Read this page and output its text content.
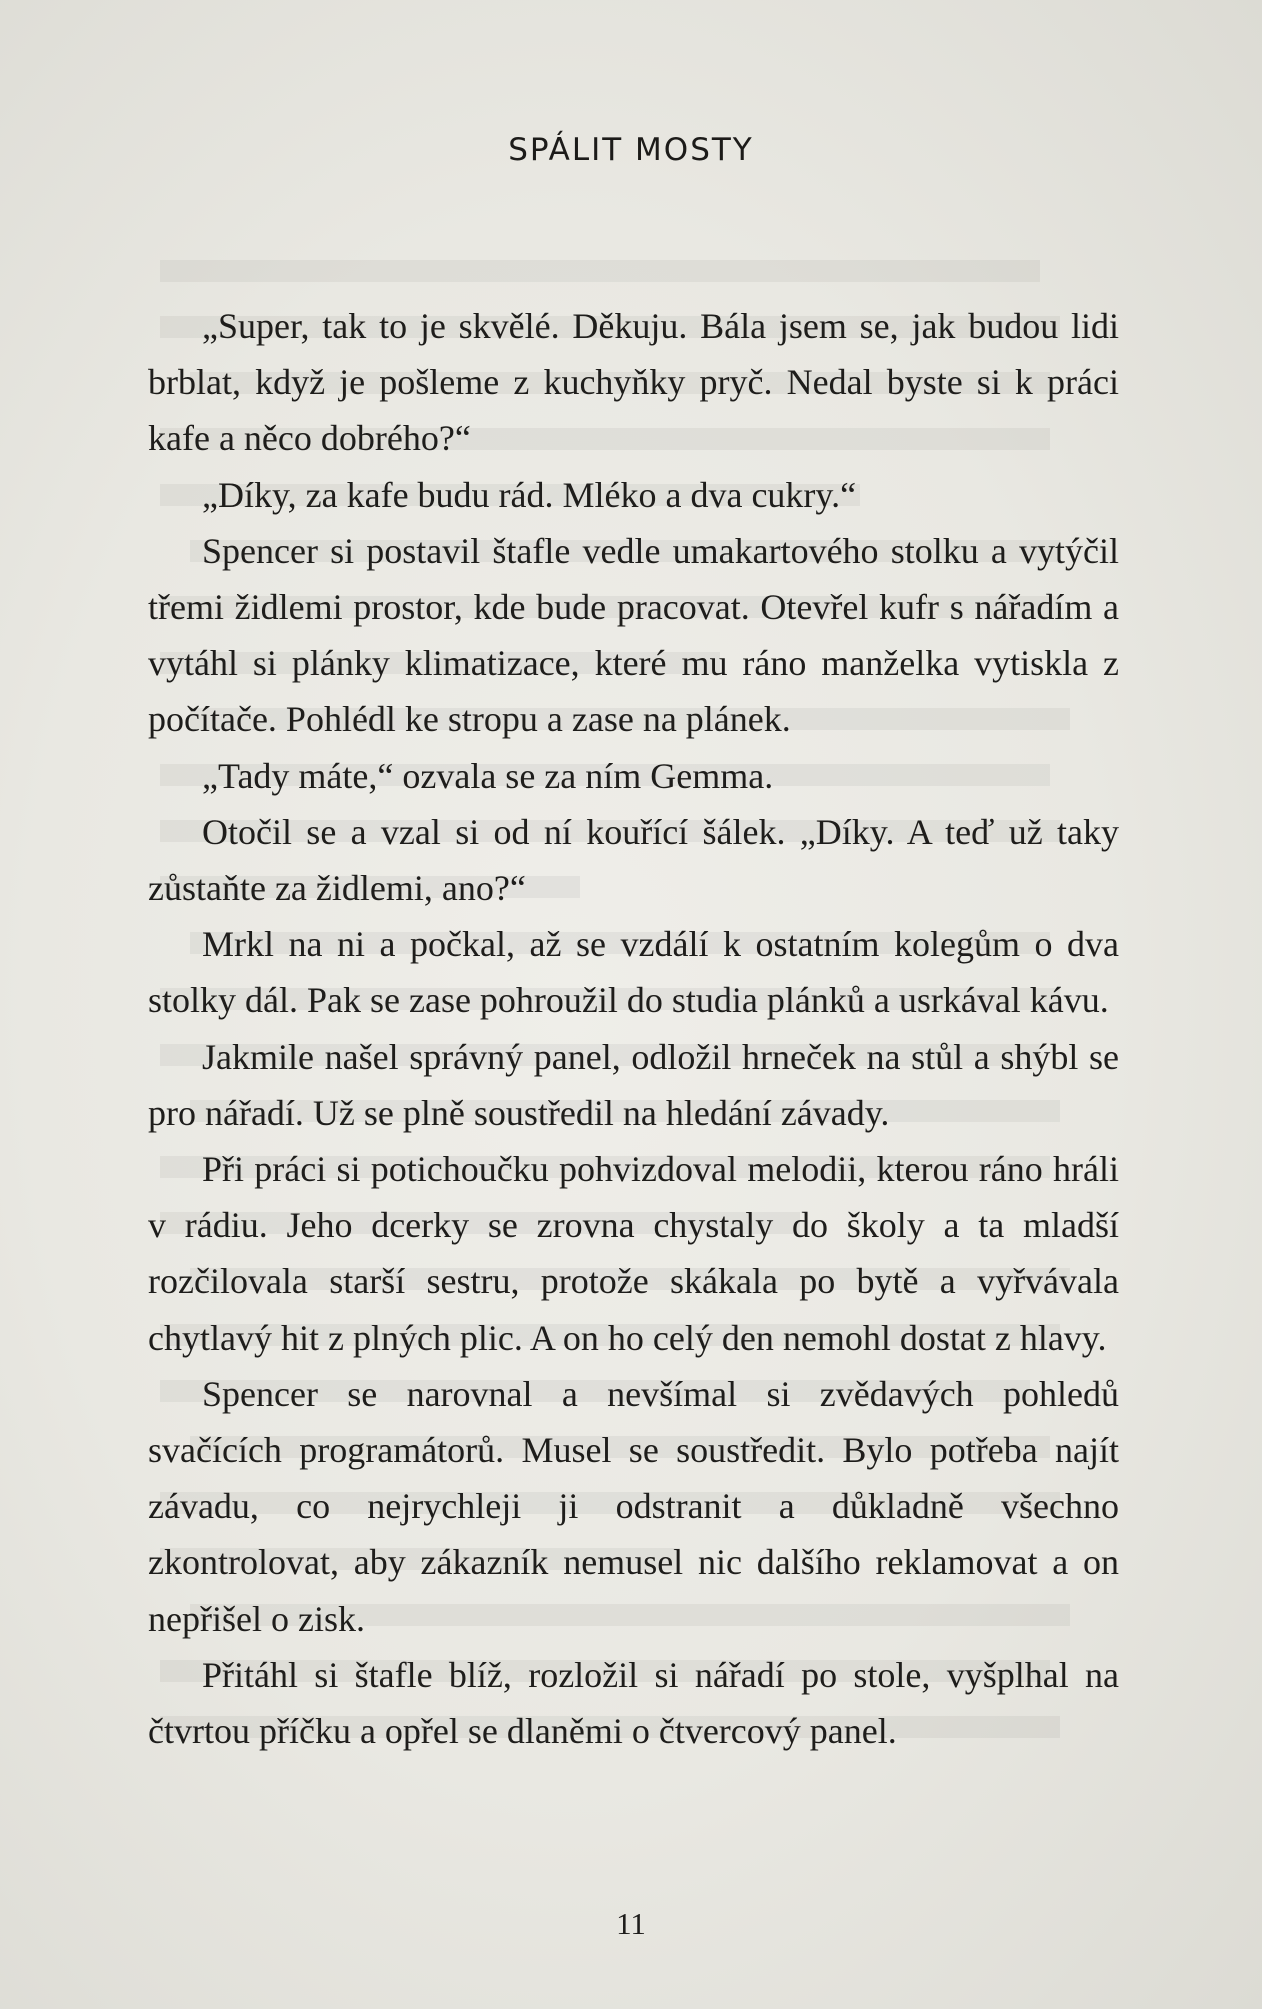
SPÁLIT MOSTY

„Super, tak to je skvělé. Děkuju. Bála jsem se, jak budou lidi brblat, když je pošleme z kuchyňky pryč. Nedal byste si k práci kafe a něco dobrého?“

„Díky, za kafe budu rád. Mléko a dva cukry.“

Spencer si postavil štafle vedle umakartového stolku a vytýčil třemi židlemi prostor, kde bude pracovat. Otevřel kufr s nářadím a vytáhl si plánky klimatizace, které mu ráno manželka vytiskla z počítače. Pohlédl ke stropu a zase na plánek.

„Tady máte,“ ozvala se za ním Gemma.

Otočil se a vzal si od ní kouřící šálek. „Díky. A teď už taky zůstaňte za židlemi, ano?“

Mrkl na ni a počkal, až se vzdálí k ostatním kolegům o dva stolky dál. Pak se zase pohroužil do studia plánků a usrkával kávu.

Jakmile našel správný panel, odložil hrneček na stůl a shýbl se pro nářadí. Už se plně soustředil na hledání závady.

Při práci si potichoučku pohvizdoval melodii, kterou ráno hráli v rádiu. Jeho dcerky se zrovna chystaly do školy a ta mladší rozčilovala starší sestru, protože skákala po bytě a vyřvávala chytlavý hit z plných plic. A on ho celý den nemohl dostat z hlavy.

Spencer se narovnal a nevšímal si zvědavých pohledů svačících programátorů. Musel se soustředit. Bylo potřeba najít závadu, co nejrychleji ji odstranit a důkladně všechno zkontrolovat, aby zákazník nemusel nic dalšího reklamovat a on nepřišel o zisk.

Přitáhl si štafle blíž, rozložil si nářadí po stole, vyšplhal na čtvrtou příčku a opřel se dlaněmi o čtvercový panel.

11
